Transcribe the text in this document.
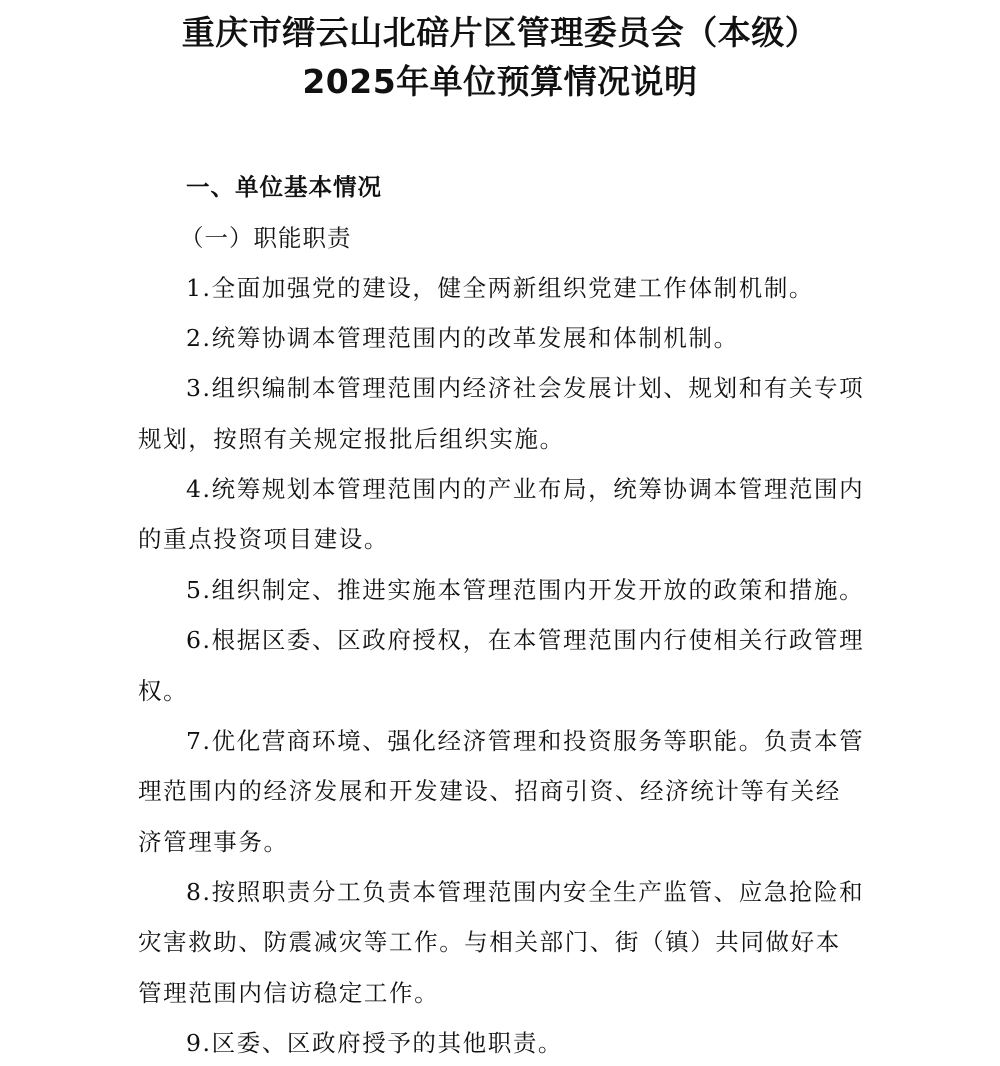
重庆市缙云山北碚片区管理委员会（本级）
2025年单位预算情况说明
一、单位基本情况
（一）职能职责
1.全面加强党的建设，健全两新组织党建工作体制机制。
2.统筹协调本管理范围内的改革发展和体制机制。
3.组织编制本管理范围内经济社会发展计划、规划和有关专项
规划，按照有关规定报批后组织实施。
4.统筹规划本管理范围内的产业布局，统筹协调本管理范围内
的重点投资项目建设。
5.组织制定、推进实施本管理范围内开发开放的政策和措施。
6.根据区委、区政府授权，在本管理范围内行使相关行政管理
权。
7.优化营商环境、强化经济管理和投资服务等职能。负责本管
理范围内的经济发展和开发建设、招商引资、经济统计等有关经
济管理事务。
8.按照职责分工负责本管理范围内安全生产监管、应急抢险和
灾害救助、防震减灾等工作。与相关部门、街（镇）共同做好本
管理范围内信访稳定工作。
9.区委、区政府授予的其他职责。
